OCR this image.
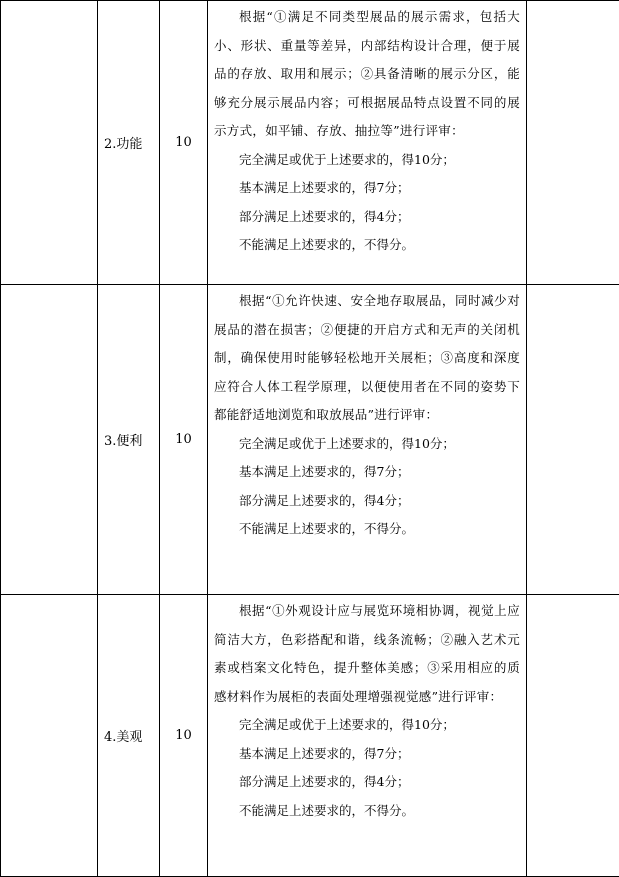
	2.功能	10	根据“①满足不同类型展品的展示需求，包括大小、形状、重量等差异，内部结构设计合理，便于展品的存放、取用和展示；②具备清晰的展示分区，能够充分展示展品内容；可根据展品特点设置不同的展示方式，如平铺、存放、抽拉等”进行评审：
完全满足或优于上述要求的，得10分；
基本满足上述要求的，得7分；
部分满足上述要求的，得4分；
不能满足上述要求的，不得分。	

	3.便利	10	根据“①允许快速、安全地存取展品，同时减少对展品的潜在损害；②便捷的开启方式和无声的关闭机制，确保使用时能够轻松地开关展柜；③高度和深度应符合人体工程学原理，以便使用者在不同的姿势下都能舒适地浏览和取放展品”进行评审：
完全满足或优于上述要求的，得10分；
基本满足上述要求的，得7分；
部分满足上述要求的，得4分；
不能满足上述要求的，不得分。	

	4.美观	10	根据“①外观设计应与展览环境相协调，视觉上应简洁大方，色彩搭配和谐，线条流畅；②融入艺术元素或档案文化特色，提升整体美感；③采用相应的质感材料作为展柜的表面处理增强视觉感”进行评审：
完全满足或优于上述要求的，得10分；
基本满足上述要求的，得7分；
部分满足上述要求的，得4分；
不能满足上述要求的，不得分。	
